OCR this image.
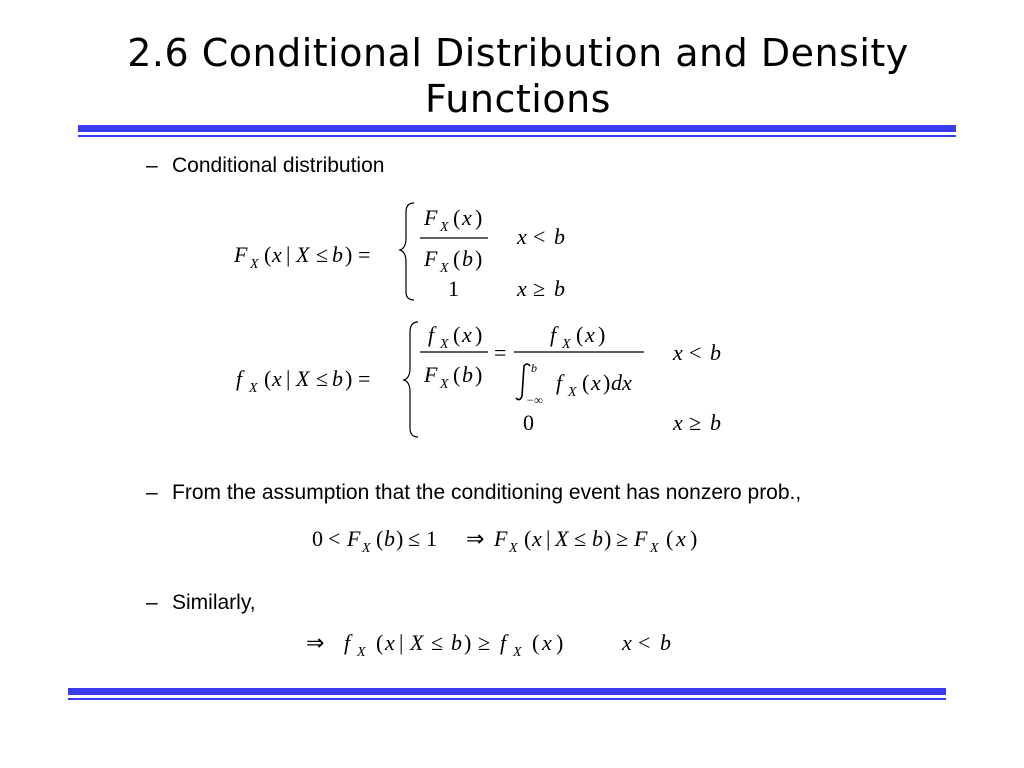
2.6 Conditional Distribution and Density
Functions
– Conditional distribution
– From the assumption that the conditioning event has nonzero prob.,
– Similarly,
F X ( x | X ≤ b ) =
F X ( x )
F X ( b )
x < b
1	x ≥ b
f X ( x | X ≤ b ) =
f X ( x )
F X ( b )
=
f X ( x )
b
−∞
f X ( x ) dx
x < b
0	x ≥ b
0 < F X ( b ) ≤ 1 ⇒ F X ( x | X ≤ b ) ≥ F X ( x )
⇒ f X ( x | X ≤ b ) ≥ f X ( x )	x < b
